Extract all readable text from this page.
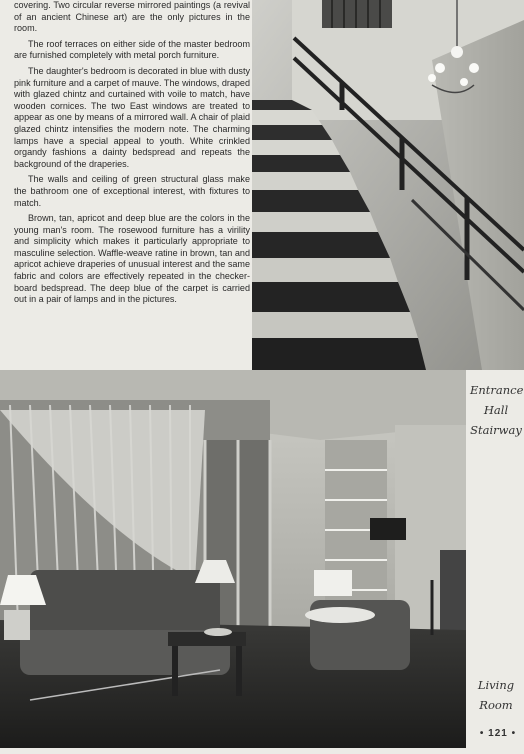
covering. Two circular reverse mirrored paintings (a revival of an ancient Chinese art) are the only pictures in the room.

The roof terraces on either side of the master bedroom are furnished completely with metal porch furniture.

The daughter's bedroom is decorated in blue with dusty pink furniture and a carpet of mauve. The windows, draped with glazed chintz and curtained with voile to match, have wooden cornices. The two East windows are treated to appear as one by means of a mirrored wall. A chair of plaid glazed chintz intensifies the modern note. The charming lamps have a special appeal to youth. White crinkled organdy fashions a dainty bedspread and repeats the background of the draperies.

The walls and ceiling of green structural glass make the bathroom one of exceptional interest, with fixtures to match.

Brown, tan, apricot and deep blue are the colors in the young man's room. The rosewood furniture has a virility and simplicity which makes it particularly appropriate to masculine selection. Waffle-weave ratine in brown, tan and apricot achieve draperies of unusual interest and the same fabric and colors are effectively repeated in the checker-board bedspread. The deep blue of the carpet is carried out in a pair of lamps and in the pictures.

Entrance
Hall
Stairway
Living
Room
• 121 •
